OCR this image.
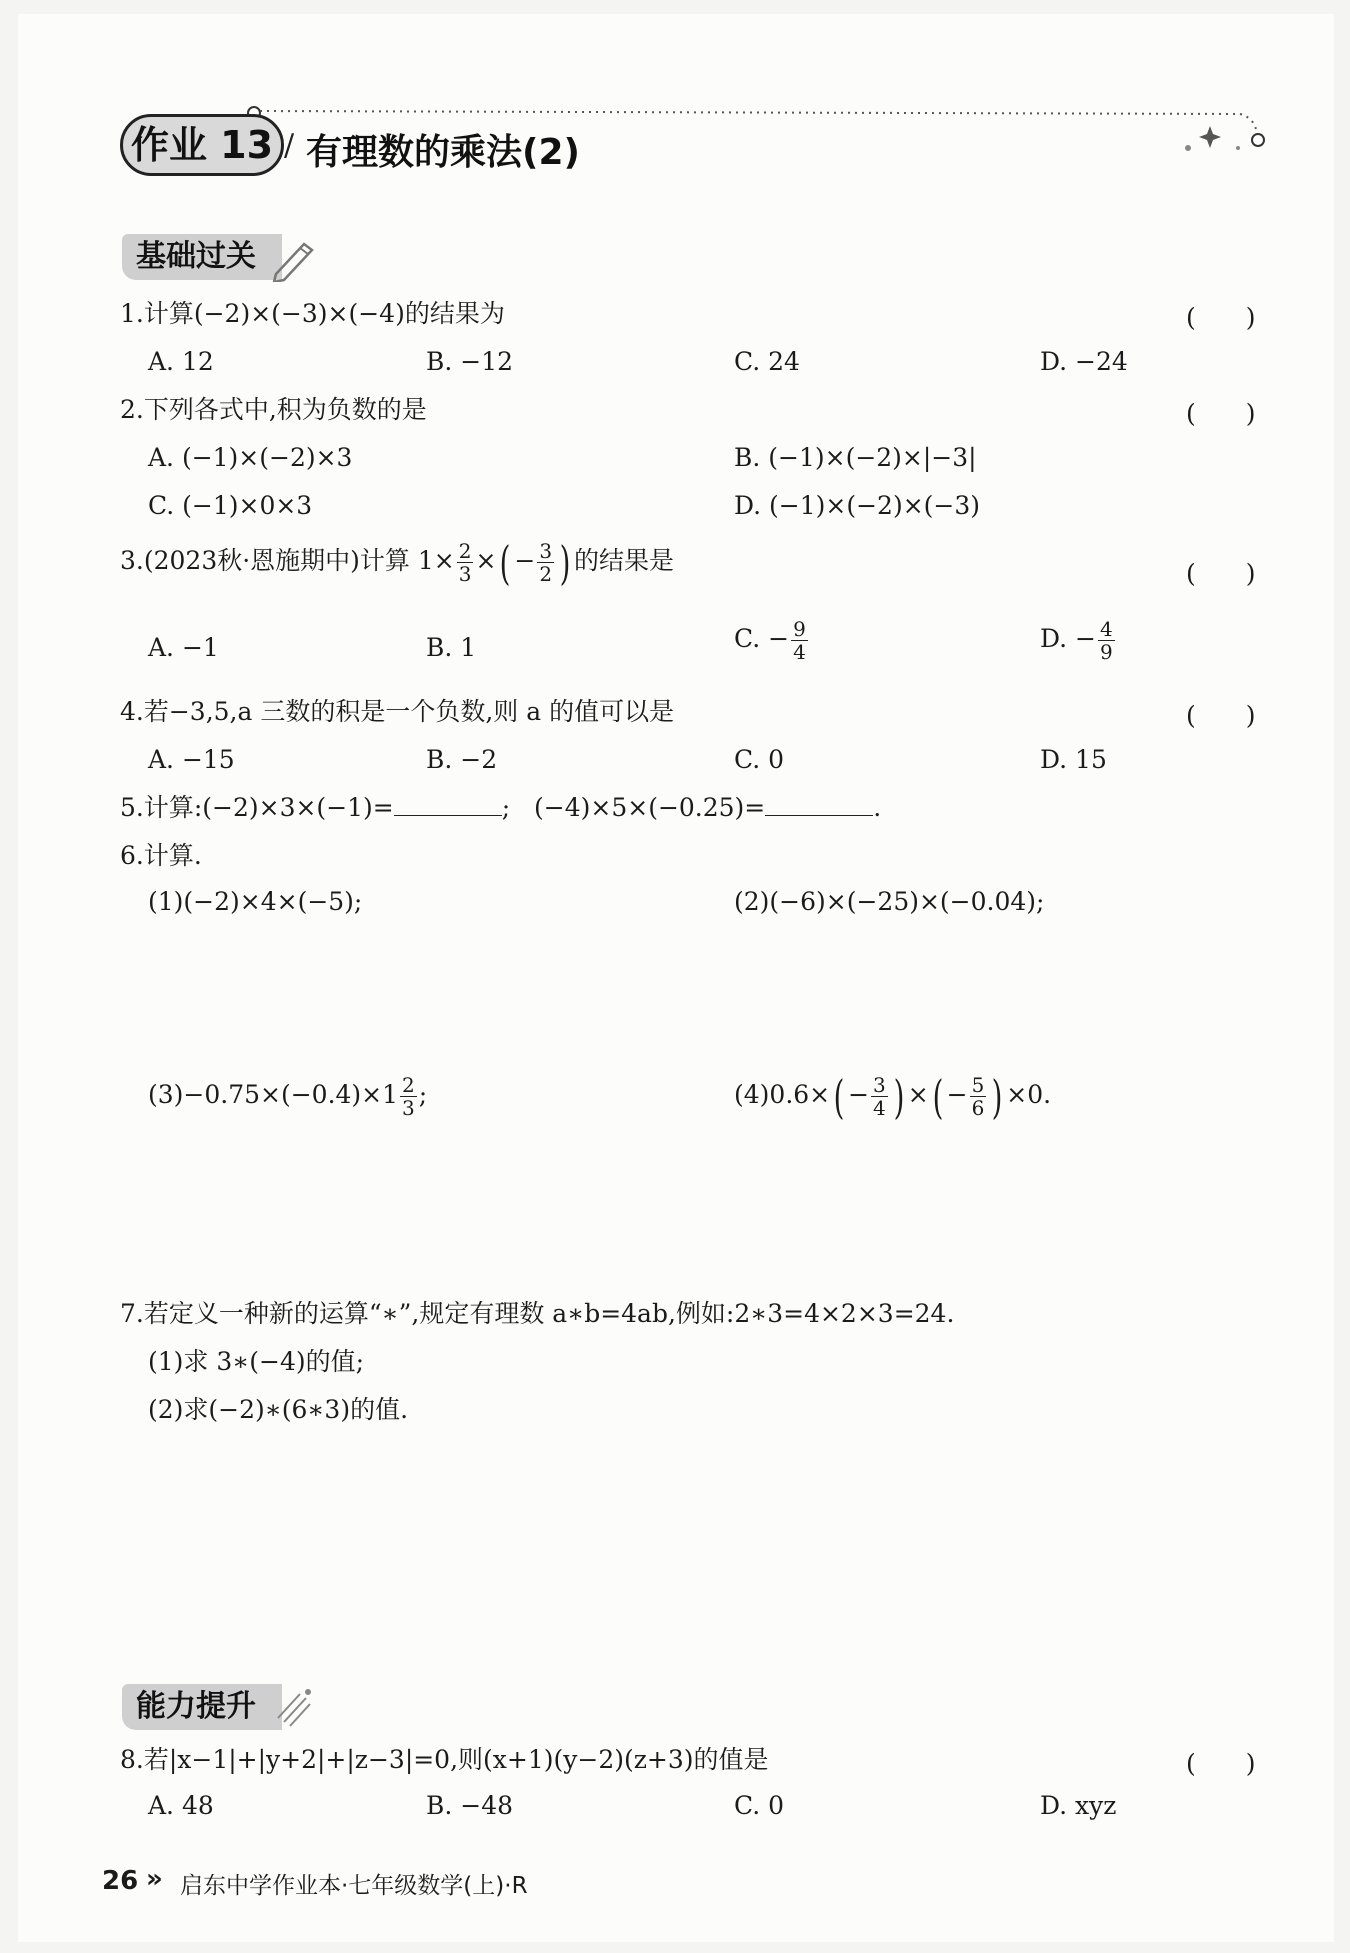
作业 13 / 有理数的乘法(2)
基础过关
1.计算(−2)×(−3)×(−4)的结果为	(　　)
A. 12	B. −12	C. 24	D. −24
2.下列各式中,积为负数的是	(　　)
A. (−1)×(−2)×3	B. (−1)×(−2)×|−3|
C. (−1)×0×3	D. (−1)×(−2)×(−3)
3.(2023秋·恩施期中)计算 $1\times \frac{2}{3}$ ×( − $\frac{3}{2}$ ) 的结果是	(　　)
A. −1	B. 1	C. − $\frac{9}{4}$	D. − $\frac{4}{9}$
4.若−3,5,a 三数的积是一个负数,则 a 的值可以是	(　　)
A. −15	B. −2	C. 0	D. 15
5.计算:(−2)×3×(−1)=	; (−4)×5×(−0.25)=	.
6.计算.
(1)(−2)×4×(−5);	(2)(−6)×(−25)×(−0.04);
$(3)-0.75\times(-0.4)\times 1 \frac{2}{3}$ ;	$(4)0.6\times( - \frac{3}{4}$ ) ×( − $\frac{5}{6}$ ) ×0.
7.若定义一种新的运算“∗”,规定有理数 a∗b=4ab,例如:2∗3=4×2×3=24.
(1)求 3∗(−4)的值;
(2)求(−2)∗(6∗3)的值.
能力提升
8.若|x−1|+|y+2|+|z−3|=0,则(x+1)(y−2)(z+3)的值是	(　　)
A. 48	B. −48	C. 0	D. xyz
26 » 启东中学作业本·七年级数学(上)·R
